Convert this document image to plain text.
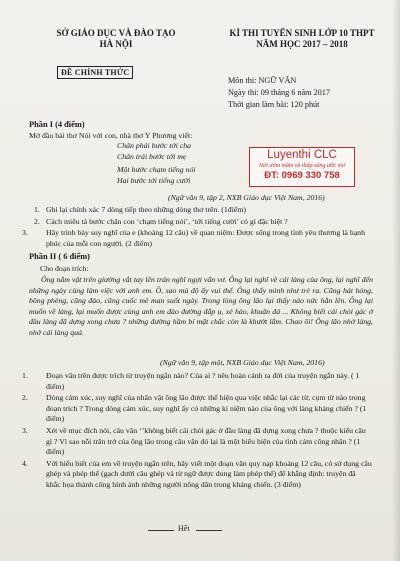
SỞ GIÁO DỤC VÀ ĐÀO TẠO
HÀ NỘI
KÌ THI TUYỂN SINH LỚP 10 THPT
NĂM HỌC 2017 – 2018
ĐỀ CHÍNH THỨC
Môn thi: NGỮ VĂN
Ngày thi: 09 tháng 6 năm 2017
Thời gian làm bài: 120 phút
Phần I (4 điểm)
Mở đầu bài thơ Nói với con, nhà thơ Y Phương viết:
Chân phải bước tới cha
Chân trái bước tới mẹ
Một bước chạm tiếng nói
Hai bước tới tiếng cười
Luyenthi CLC
Nơi ươm mầm và thắp sáng ước mơ
ĐT: 0969 330 758
(Ngữ văn 9, tập 2, NXB Giáo dục Việt Nam, 2016)
1. Ghi lại chính xác 7 dòng tiếp theo những dòng thơ trên. (1điểm)
2. Cách miêu tả bước chân con ‘chạm tiếng nói’, ‘tới tiếng cười’ có gì đặc biệt ?
3. Hãy trình bày suy nghĩ của e (khoảng 12 câu) về quan niệm: Được sống trong tình yêu thương là hạnh phúc của mỗi con người. (2 điểm)
Phần II ( 6 điểm)
Cho đoạn trích:
Ông nằm vật trên giường vắt tay lên trán nghĩ ngợi vẩn vơ. Ông lại nghĩ về cái làng của ông, lại nghĩ đến những ngày cùng làm việc với anh em. Ồ, sao mà độ ấy vui thế. Ông thấy mình như trẻ ra. Cũng hát hỏng, bông phèng, cũng đào, cũng cuốc mê man suốt ngày. Trong lòng ông lão lại thấy náo nức hẳn lên. Ông lại muốn về làng, lại muốn được cùng anh em đào đường đắp ụ, xẻ hào, khuân đá ... Không biết cái chòi gác ở đầu làng đã dựng xong chưa ? những đường hầm bí mật chắc còn là khướt lắm. Chao ôi! Ông lão nhớ làng, nhớ cái làng quá.
(Ngữ văn 9, tập một, NXB Giáo dục Việt Nam, 2016)
1. Đoạn văn trên được trích từ truyện ngắn nào? Của ai ? nêu hoàn cảnh ra đời của truyện ngắn này. ( 1 điểm)
2. Dòng cảm xúc, suy nghĩ của nhân vật ông lão được thể hiện qua việc nhắc lại các từ, cụm từ nào trong đoạn trích ? Trong dòng cảm xúc, suy nghĩ ấy có những kỉ niệm nào của ông với làng kháng chiến ? (1 điểm)
3. Xét về mục đích nói, câu văn ‘’không biết cái chòi gác ở đầu làng đã dựng xong chưa ? thuộc kiểu câu gì ? Vì sao nỗi trăn trở của ông lão trong câu văn đó lại là một biểu hiện của tình cảm công nhân ? (1 điểm)
4. Với hiểu biết của em về truyện ngắn trên, hãy viết một đoạn văn quy nạp khoảng 12 câu, có sử dụng câu ghép và phép thế (gạch dưới câu ghép và từ ngữ được dung làm phép thế) để khẳng định: truyện đã khắc họa thành công hình ảnh những người nông dân trong kháng chiến. (3 điểm)
Hết
